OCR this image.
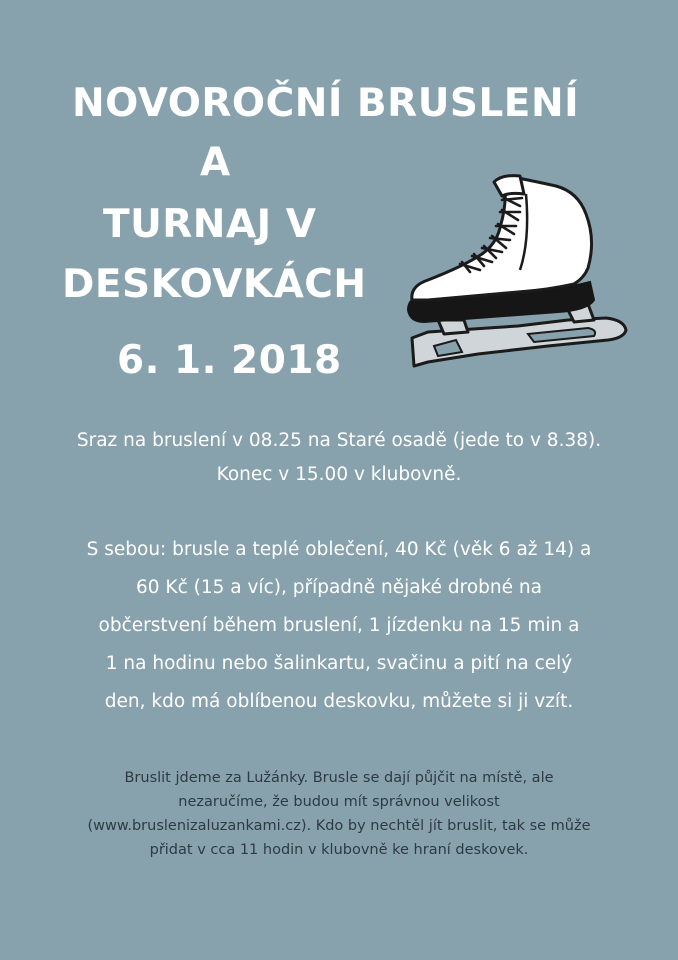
NOVOROČNÍ BRUSLENÍ
A
TURNAJ V
DESKOVKÁCH
6. 1. 2018
Sraz na bruslení v 08.25 na Staré osadě (jede to v 8.38).
Konec v 15.00 v klubovně.
S sebou: brusle a teplé oblečení, 40 Kč (věk 6 až 14) a
60 Kč (15 a víc), případně nějaké drobné na
občerstvení během bruslení, 1 jízdenku na 15 min a
1 na hodinu nebo šalinkartu, svačinu a pití na celý
den, kdo má oblíbenou deskovku, můžete si ji vzít.
Bruslit jdeme za Lužánky. Brusle se dají půjčit na místě, ale
nezaručíme, že budou mít správnou velikost
(www.bruslenizaluzankami.cz). Kdo by nechtěl jít bruslit, tak se může
přidat v cca 11 hodin v klubovně ke hraní deskovek.
